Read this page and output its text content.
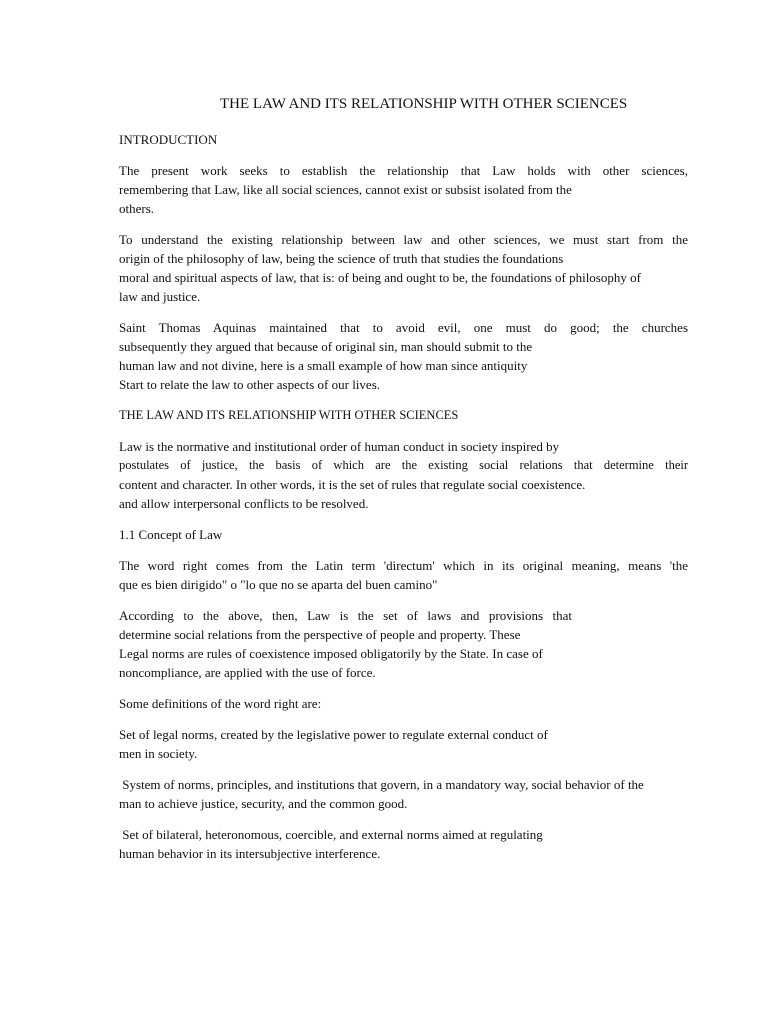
THE LAW AND ITS RELATIONSHIP WITH OTHER SCIENCES
INTRODUCTION
The present work seeks to establish the relationship that Law holds with other sciences,
remembering that Law, like all social sciences, cannot exist or subsist isolated from the
others.
To understand the existing relationship between law and other sciences, we must start from the
origin of the philosophy of law, being the science of truth that studies the foundations
moral and spiritual aspects of law, that is: of being and ought to be, the foundations of philosophy of
law and justice.
Saint Thomas Aquinas maintained that to avoid evil, one must do good; the churches
subsequently they argued that because of original sin, man should submit to the
human law and not divine, here is a small example of how man since antiquity
Start to relate the law to other aspects of our lives.
THE LAW AND ITS RELATIONSHIP WITH OTHER SCIENCES
Law is the normative and institutional order of human conduct in society inspired by
postulates of justice, the basis of which are the existing social relations that determine their
content and character. In other words, it is the set of rules that regulate social coexistence.
and allow interpersonal conflicts to be resolved.
1.1 Concept of Law
The word right comes from the Latin term 'directum' which in its original meaning, means 'the
que es bien dirigido" o "lo que no se aparta del buen camino"
According to the above, then, Law is the set of laws and provisions that
determine social relations from the perspective of people and property. These
Legal norms are rules of coexistence imposed obligatorily by the State. In case of
noncompliance, are applied with the use of force.
Some definitions of the word right are:
Set of legal norms, created by the legislative power to regulate external conduct of
men in society.
System of norms, principles, and institutions that govern, in a mandatory way, social behavior of the
man to achieve justice, security, and the common good.
Set of bilateral, heteronomous, coercible, and external norms aimed at regulating
human behavior in its intersubjective interference.
